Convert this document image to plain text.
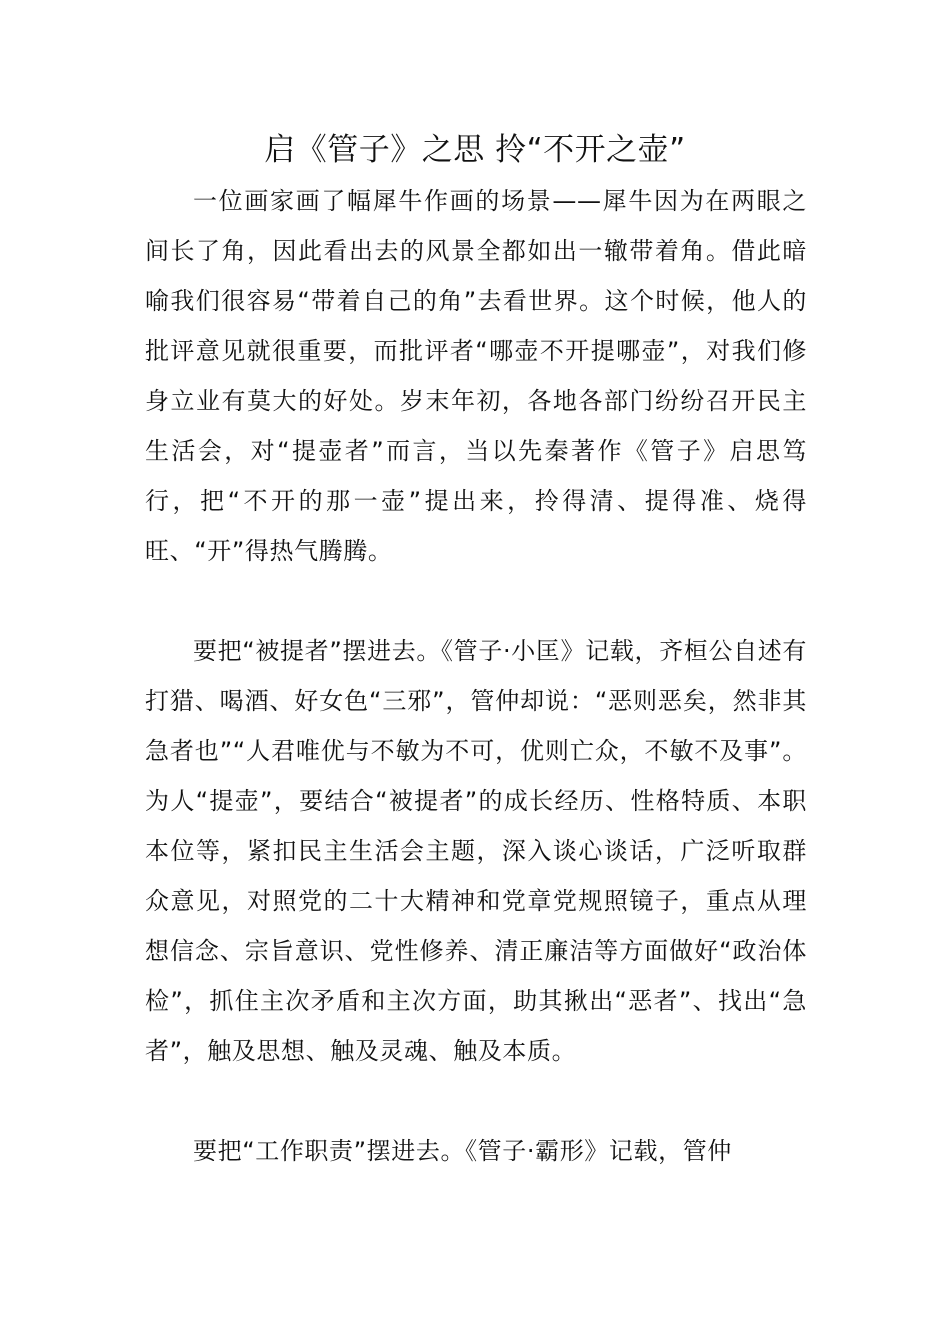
启《管子》之思 拎“不开之壶”

一位画家画了幅犀牛作画的场景——犀牛因为在两眼之间长了角，因此看出去的风景全都如出一辙带着角。借此暗喻我们很容易“带着自己的角”去看世界。这个时候，他人的批评意见就很重要，而批评者“哪壶不开提哪壶”，对我们修身立业有莫大的好处。岁末年初，各地各部门纷纷召开民主生活会，对“提壶者”而言，当以先秦著作《管子》启思笃行，把“不开的那一壶”提出来，拎得清、提得准、烧得旺、“开”得热气腾腾。

要把“被提者”摆进去。《管子·小匡》记载，齐桓公自述有打猎、喝酒、好女色“三邪”，管仲却说：“恶则恶矣，然非其急者也”“人君唯优与不敏为不可，优则亡众，不敏不及事”。为人“提壶”，要结合“被提者”的成长经历、性格特质、本职本位等，紧扣民主生活会主题，深入谈心谈话，广泛听取群众意见，对照党的二十大精神和党章党规照镜子，重点从理想信念、宗旨意识、党性修养、清正廉洁等方面做好“政治体检”，抓住主次矛盾和主次方面，助其揪出“恶者”、找出“急者”，触及思想、触及灵魂、触及本质。

要把“工作职责”摆进去。《管子·霸形》记载，管仲
